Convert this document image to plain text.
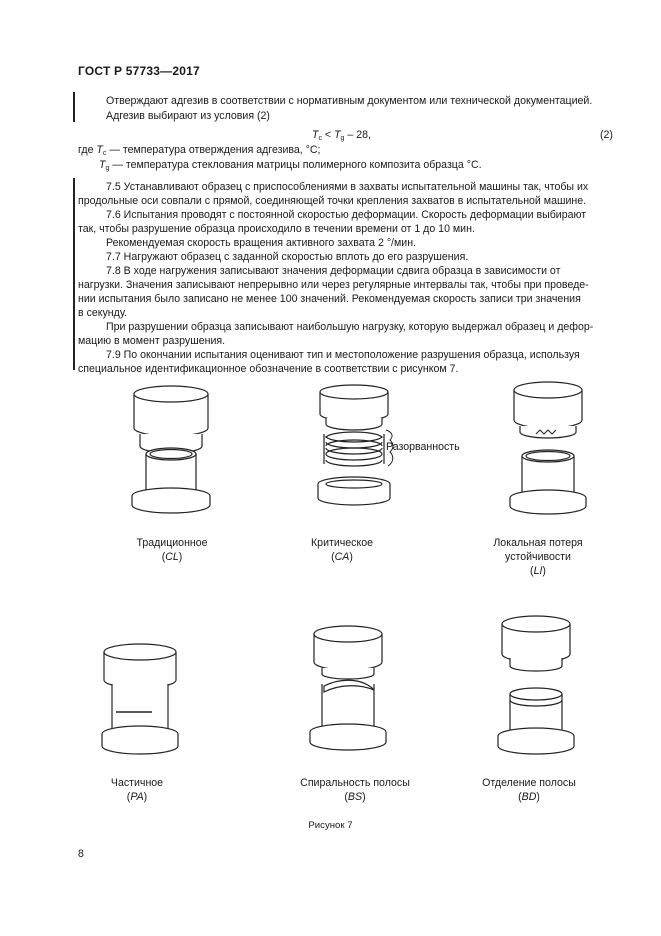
ГОСТ Р 57733—2017
Отверждают адгезив в соответствии с нормативным документом или технической документацией.
Адгезив выбирают из условия (2)
$T_c < T_g - 28$,	(2)
где $T_c$ — температура отверждения адгезива, °С;
$T_g$ — температура стеклования матрицы полимерного композита образца °С.
7.5 Устанавливают образец с приспособлениями в захваты испытательной машины так, чтобы их
продольные оси совпали с прямой, соединяющей точки крепления захватов в испытательной машине.
7.6 Испытания проводят с постоянной скоростью деформации. Скорость деформации выбирают
так, чтобы разрушение образца происходило в течении времени от 1 до 10 мин.
Рекомендуемая скорость вращения активного захвата 2 °/мин.
7.7 Нагружают образец с заданной скоростью вплоть до его разрушения.
7.8 В ходе нагружения записывают значения деформации сдвига образца в зависимости от
нагрузки. Значения записывают непрерывно или через регулярные интервалы так, чтобы при проведе-
нии испытания было записано не менее 100 значений. Рекомендуемая скорость записи три значения
в секунду.
При разрушении образца записывают наибольшую нагрузку, которую выдержал образец и дефор-
мацию в момент разрушения.
7.9 По окончании испытания оценивают тип и местоположение разрушения образца, используя
специальное идентификационное обозначение в соответствии с рисунком 7.
Традиционное
(CL)
Критическое
(CA)
Разорванность
Локальная потеря
устойчивости
(LI)
Частичное
(PA)
Спиральность полосы
(BS)
Отделение полосы
(BD)
Рисунок 7
8
